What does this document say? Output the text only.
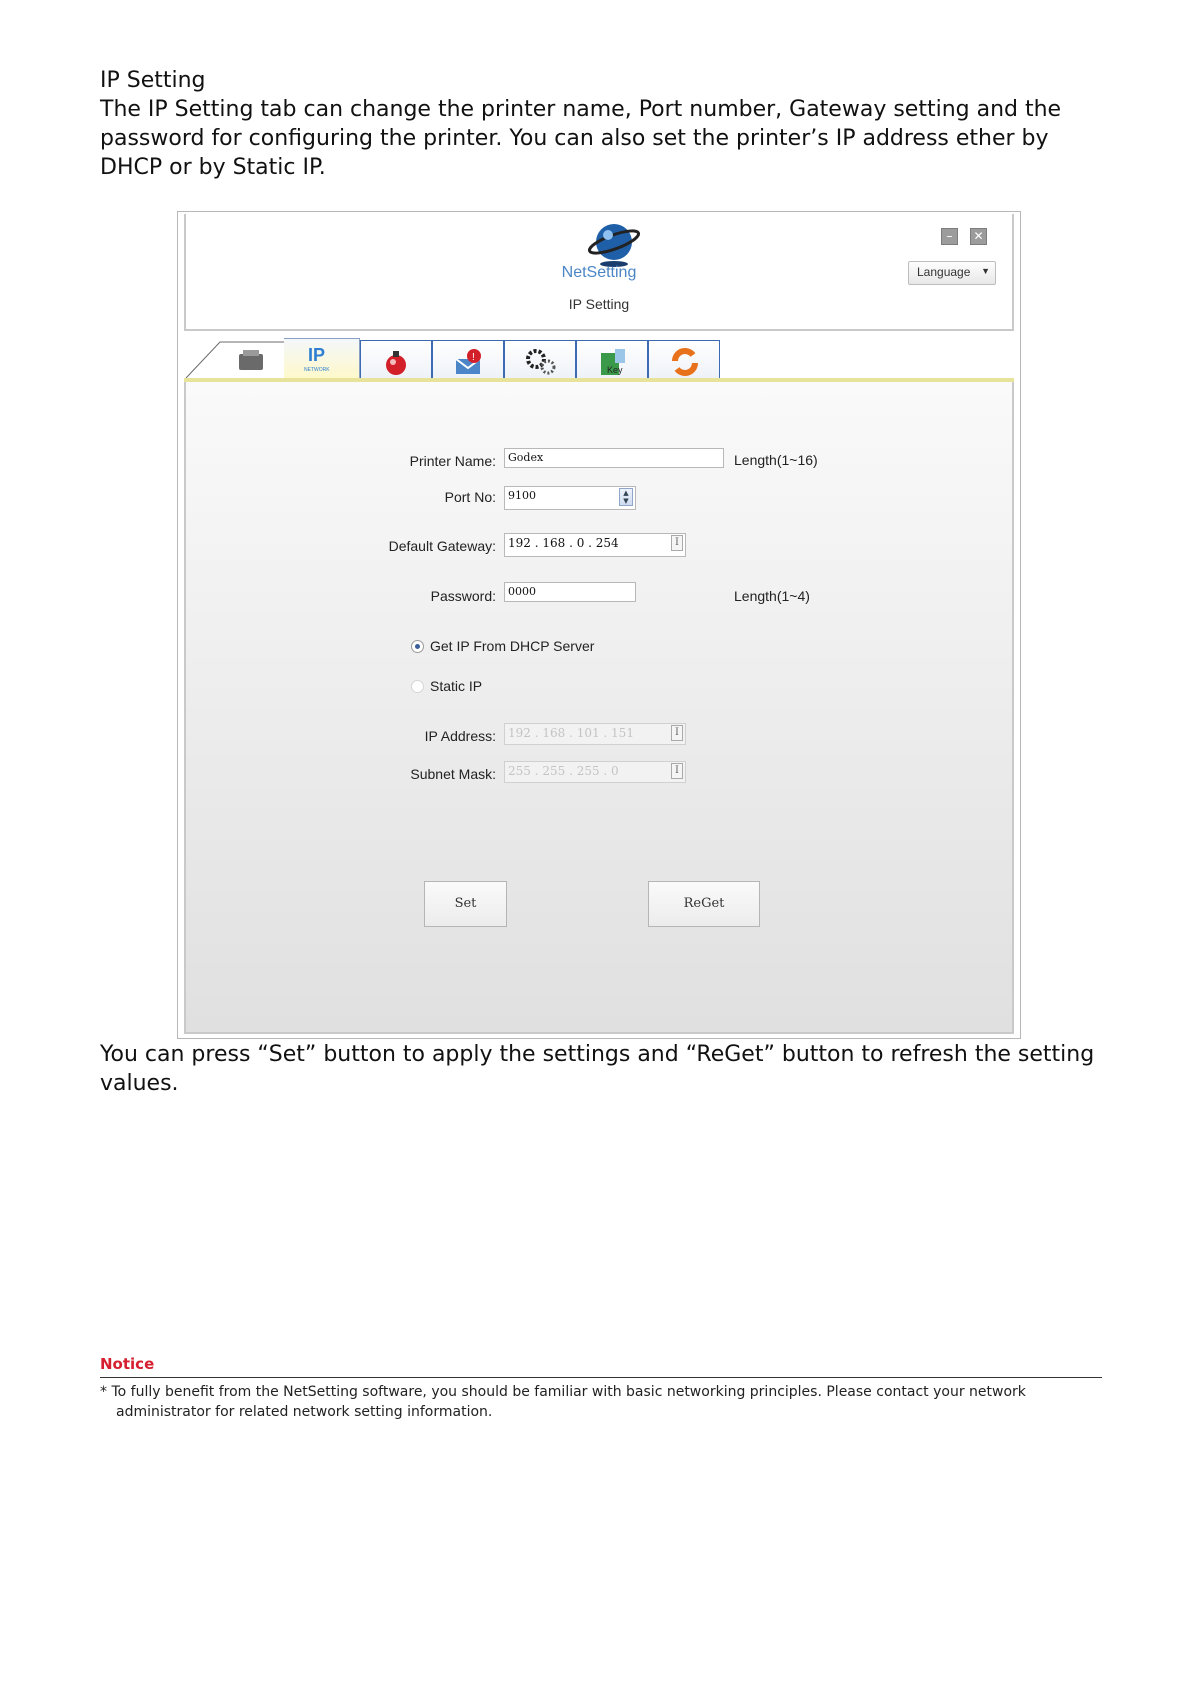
IP Setting
The IP Setting tab can change the printer name, Port number, Gateway setting and the
password for configuring the printer. You can also set the printer’s IP address ether by
DHCP or by Static IP.
NetSetting
IP Setting
–	✕
Language ▼
IP
NETWORK
!
Key
Printer Name:	Godex	Length(1~16)
Port No:	9100	▲
▼
Default Gateway:	192 . 168 . 0 . 254	I
Password:	0000	Length(1~4)
Get IP From DHCP Server
Static IP
IP Address:	192 . 168 . 101 . 151	I
Subnet Mask:	255 . 255 . 255 . 0	I
Set	ReGet
You can press “Set” button to apply the settings and “ReGet” button to refresh the setting
values.
Notice
* To fully benefit from the NetSetting software, you should be familiar with basic networking principles. Please contact your network
administrator for related network setting information.
